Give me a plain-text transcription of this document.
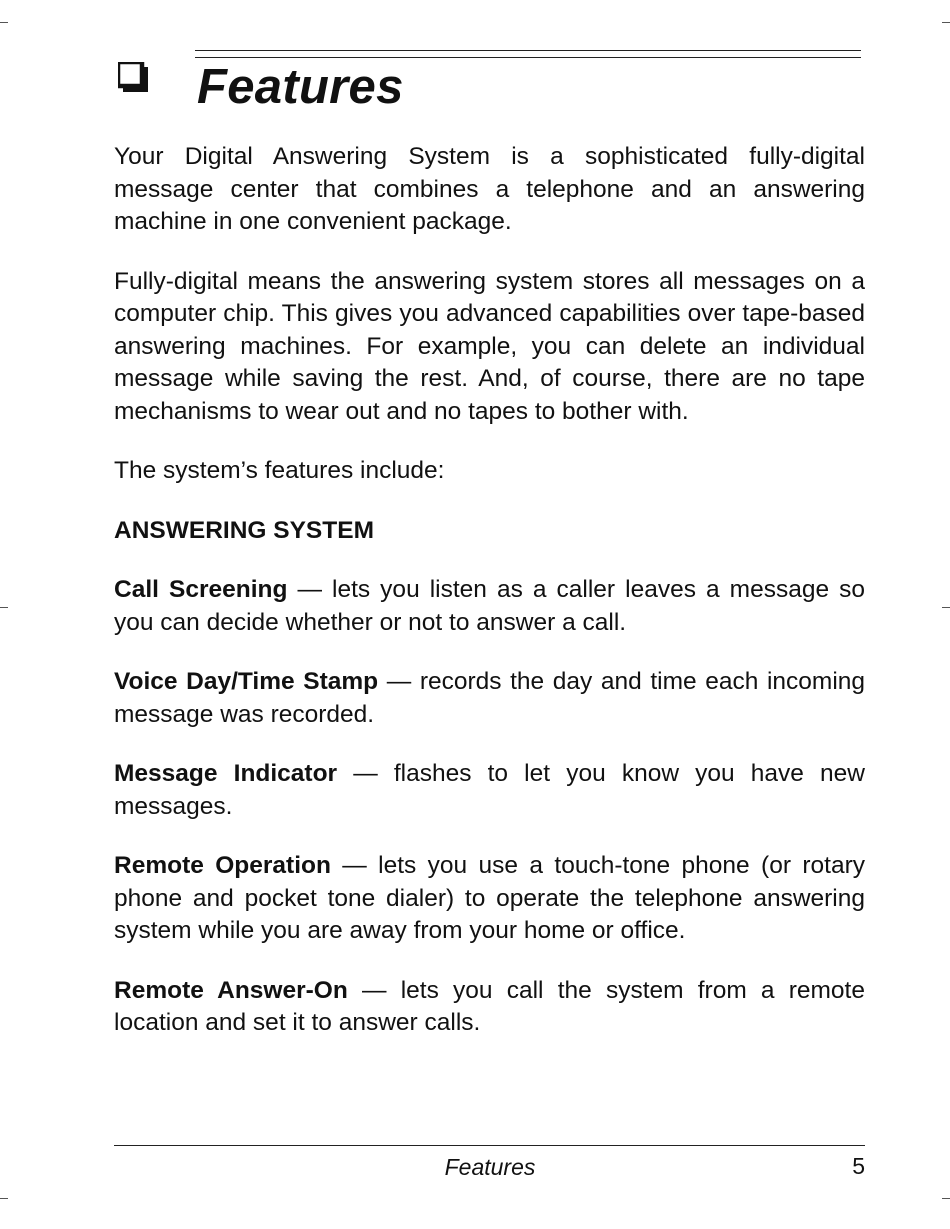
Features

Your Digital Answering System is a sophisticated fully-digital message center that combines a telephone and an answering machine in one convenient package.

Fully-digital means the answering system stores all messages on a computer chip. This gives you advanced capabilities over tape-based answering machines. For example, you can delete an individual message while saving the rest. And, of course, there are no tape mechanisms to wear out and no tapes to bother with.

The system’s features include:

ANSWERING SYSTEM

Call Screening — lets you listen as a caller leaves a message so you can decide whether or not to answer a call.

Voice Day/Time Stamp — records the day and time each incoming message was recorded.

Message Indicator — flashes to let you know you have new messages.

Remote Operation — lets you use a touch-tone phone (or rotary phone and pocket tone dialer) to operate the telephone answering system while you are away from your home or office.

Remote Answer-On — lets you call the system from a remote location and set it to answer calls.

Features	5
